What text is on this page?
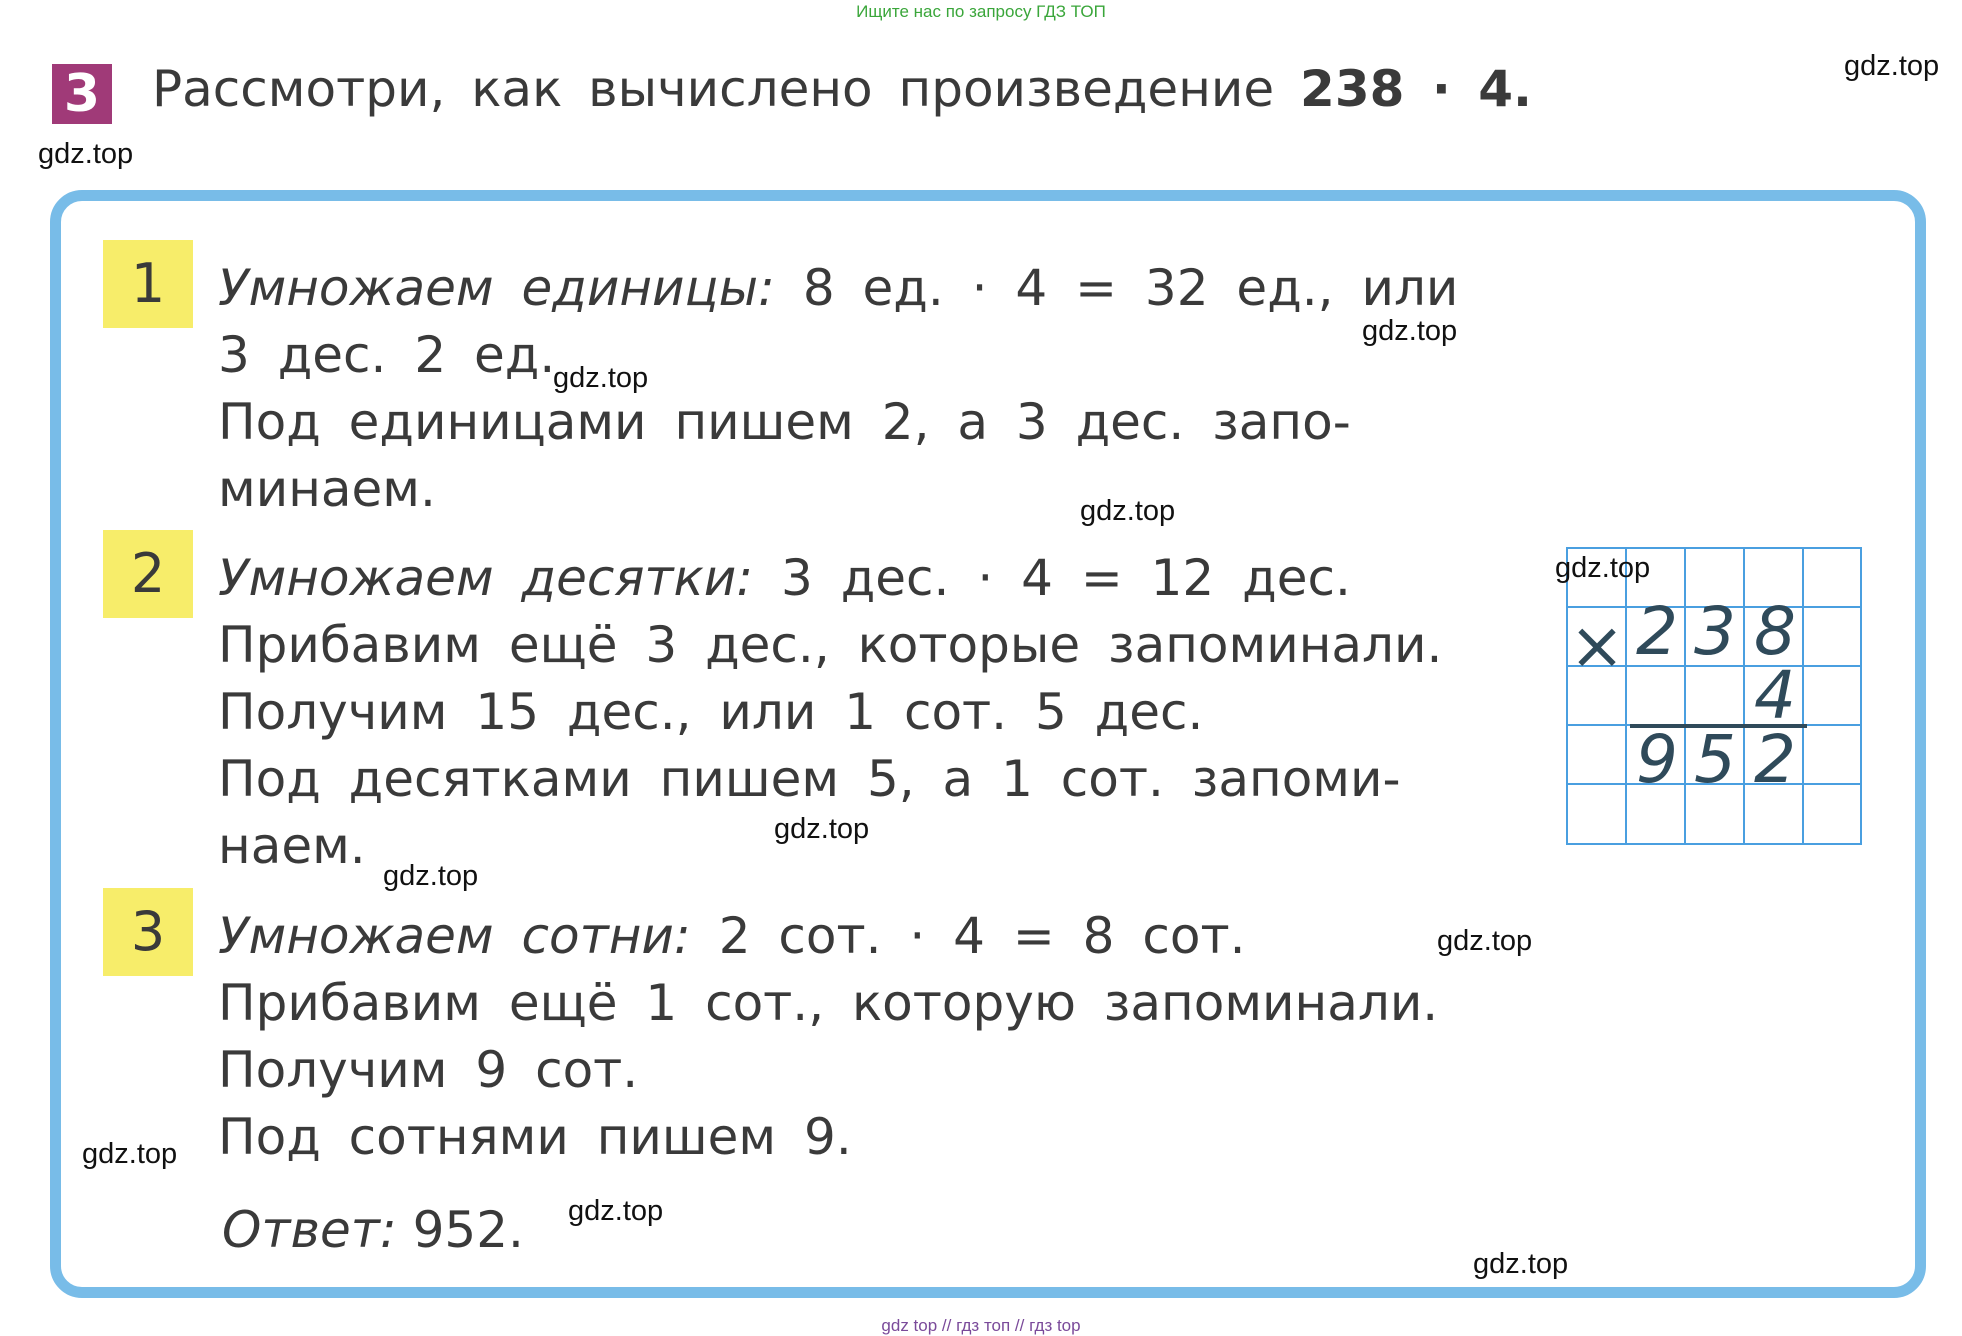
Ищите нас по запросу ГДЗ ТОП
3 Рассмотри, как вычислено произведение 238 · 4.
1	Умножаем единицы: 8 ед. · 4 = 32 ед., или
3 дес. 2 ед.
Под единицами пишем 2, а 3 дес. запо-
минаем.
2	Умножаем десятки: 3 дес. · 4 = 12 дес.
Прибавим ещё 3 дес., которые запоминали.
Получим 15 дес., или 1 сот. 5 дес.
Под десятками пишем 5, а 1 сот. запоми-
наем.
3	Умножаем сотни: 2 сот. · 4 = 8 сот.
Прибавим ещё 1 сот., которую запоминали.
Получим 9 сот.
Под сотнями пишем 9.
Ответ: 952.
× 2 3 8
4
9 5 2
gdz.top
gdz.top
gdz.top
gdz.top
gdz.top
gdz.top
gdz.top
gdz.top
gdz.top
gdz.top
gdz.top
gdz.top
gdz top // гдз топ // гдз top
